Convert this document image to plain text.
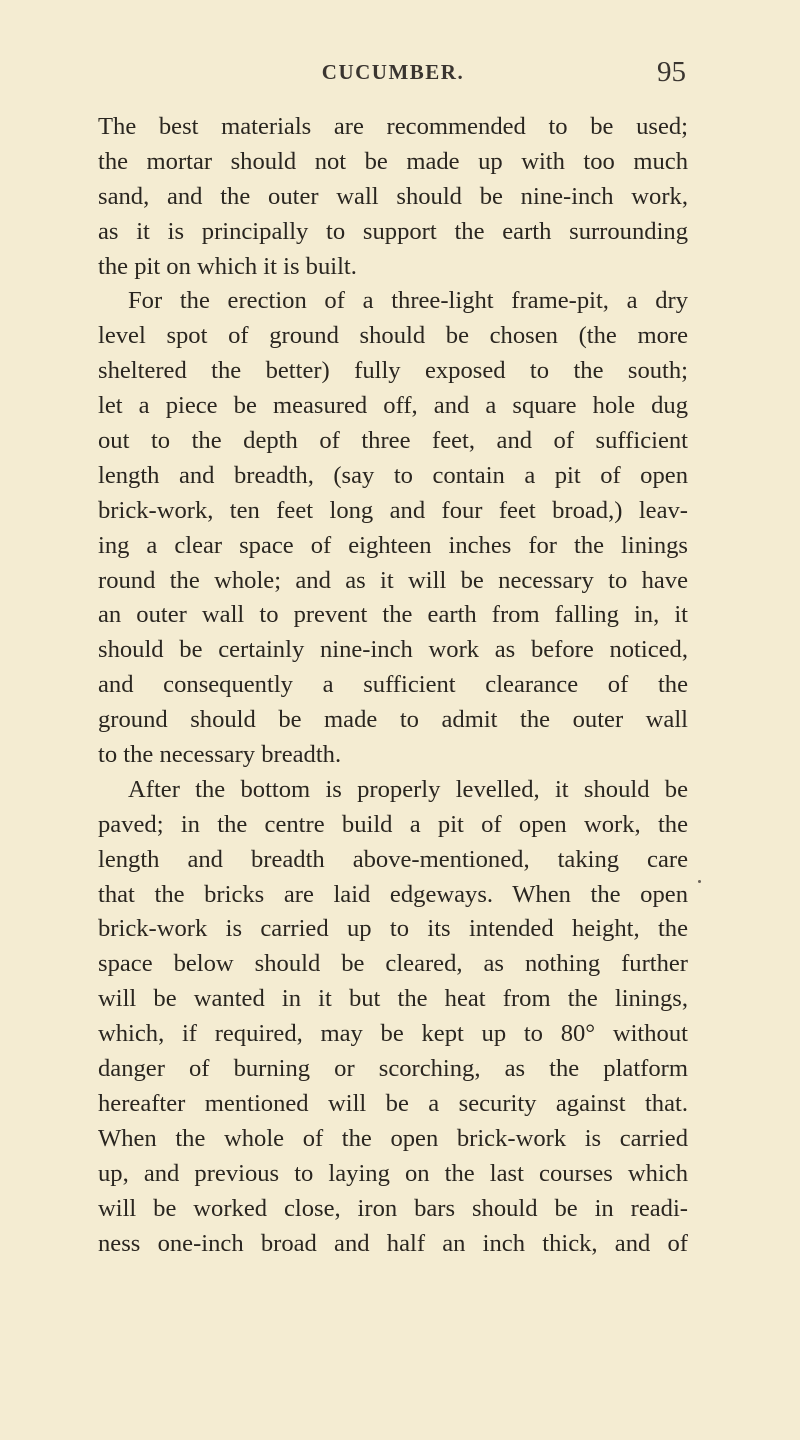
CUCUMBER.	95
The best materials are recommended to be used;
the mortar should not be made up with too much
sand, and the outer wall should be nine-inch work,
as it is principally to support the earth surrounding
the pit on which it is built.
For the erection of a three-light frame-pit, a dry
level spot of ground should be chosen (the more
sheltered the better) fully exposed to the south;
let a piece be measured off, and a square hole dug
out to the depth of three feet, and of sufficient
length and breadth, (say to contain a pit of open
brick-work, ten feet long and four feet broad,) leav-
ing a clear space of eighteen inches for the linings
round the whole; and as it will be necessary to have
an outer wall to prevent the earth from falling in, it
should be certainly nine-inch work as before noticed,
and consequently a sufficient clearance of the
ground should be made to admit the outer wall
to the necessary breadth.
After the bottom is properly levelled, it should be
paved; in the centre build a pit of open work, the
length and breadth above-mentioned, taking care
that the bricks are laid edgeways. When the open
brick-work is carried up to its intended height, the
space below should be cleared, as nothing further
will be wanted in it but the heat from the linings,
which, if required, may be kept up to 80° without
danger of burning or scorching, as the platform
hereafter mentioned will be a security against that.
When the whole of the open brick-work is carried
up, and previous to laying on the last courses which
will be worked close, iron bars should be in readi-
ness one-inch broad and half an inch thick, and of
